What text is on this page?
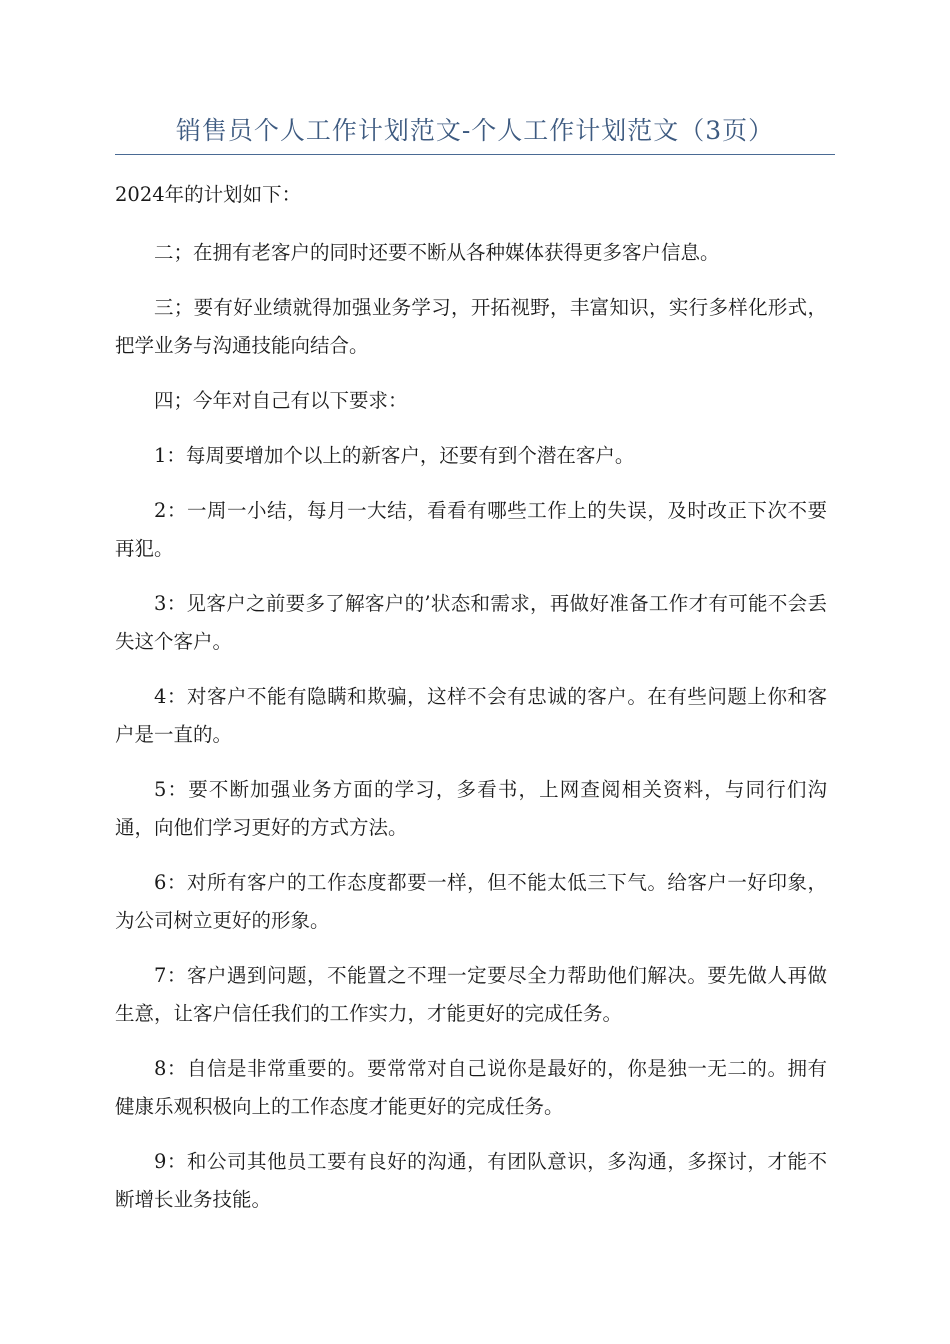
销售员个人工作计划范文-个人工作计划范文（3页）

2024年的计划如下：

二；在拥有老客户的同时还要不断从各种媒体获得更多客户信息。

三；要有好业绩就得加强业务学习，开拓视野，丰富知识，实行多样化形式，把学业务与沟通技能向结合。

四；今年对自己有以下要求：

1：每周要增加个以上的新客户，还要有到个潜在客户。

2：一周一小结，每月一大结，看看有哪些工作上的失误，及时改正下次不要再犯。

3：见客户之前要多了解客户的’状态和需求，再做好准备工作才有可能不会丢失这个客户。

4：对客户不能有隐瞒和欺骗，这样不会有忠诚的客户。在有些问题上你和客户是一直的。

5：要不断加强业务方面的学习，多看书，上网查阅相关资料，与同行们沟通，向他们学习更好的方式方法。

6：对所有客户的工作态度都要一样，但不能太低三下气。给客户一好印象，为公司树立更好的形象。

7：客户遇到问题，不能置之不理一定要尽全力帮助他们解决。要先做人再做生意，让客户信任我们的工作实力，才能更好的完成任务。

8：自信是非常重要的。要常常对自己说你是最好的，你是独一无二的。拥有健康乐观积极向上的工作态度才能更好的完成任务。

9：和公司其他员工要有良好的沟通，有团队意识，多沟通，多探讨，才能不断增长业务技能。
